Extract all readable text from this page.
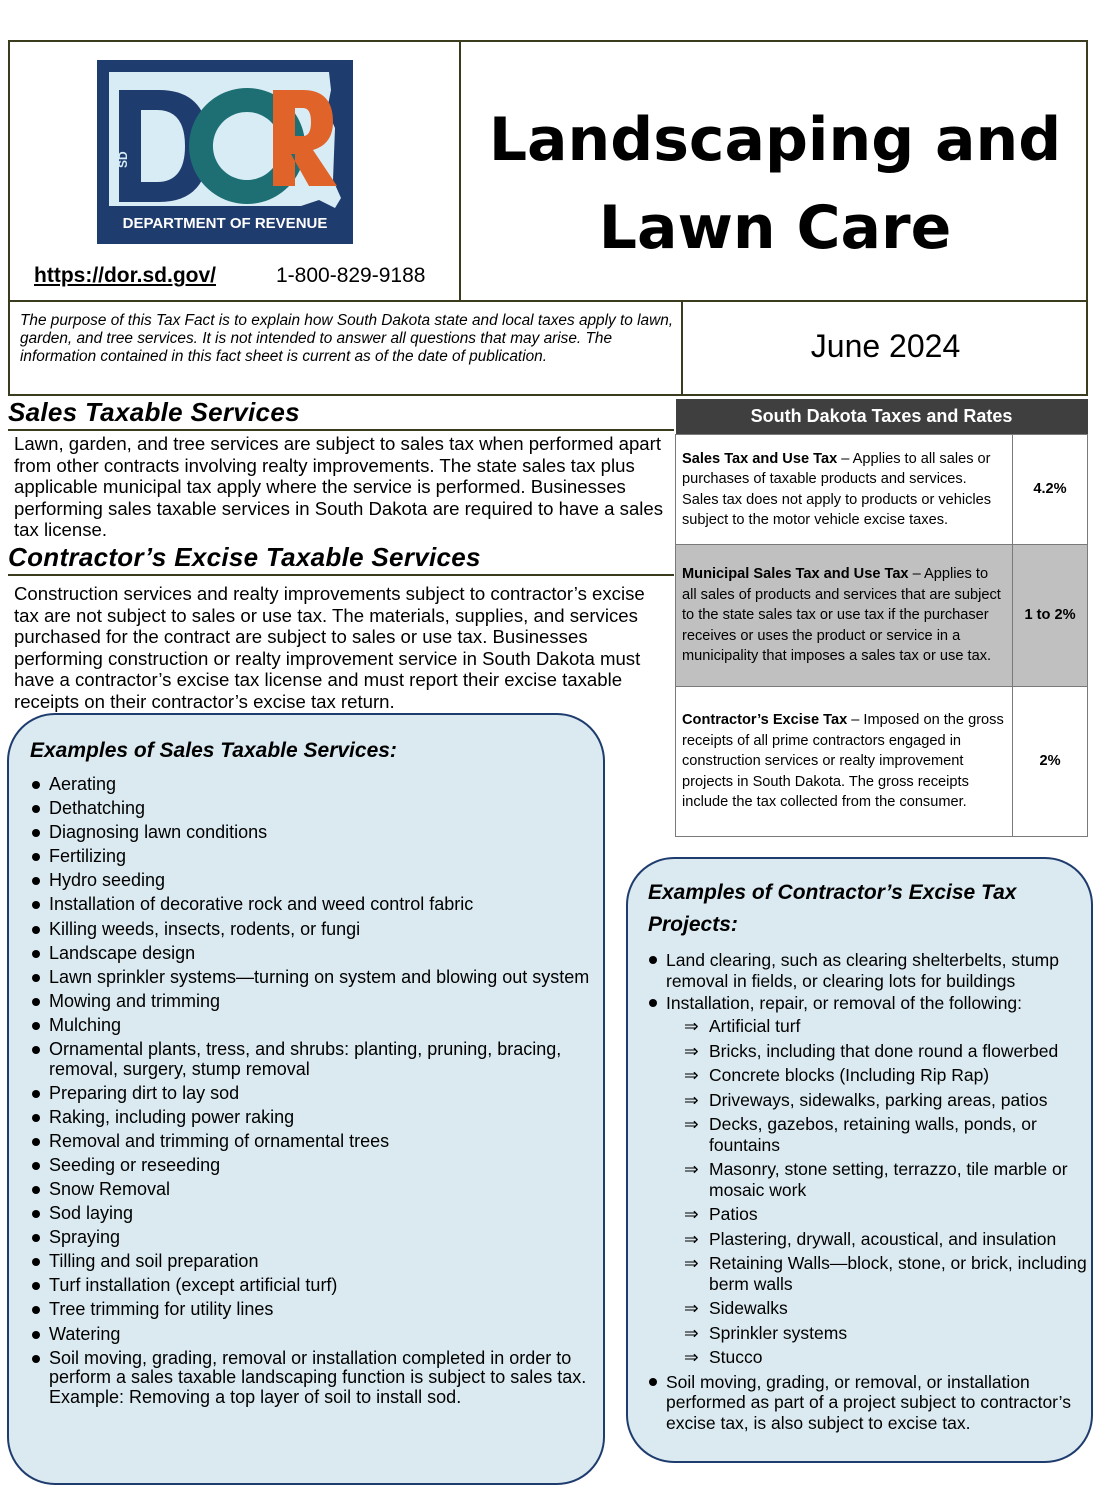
SD
DEPARTMENT OF REVENUE
DOR
https://dor.sd.gov/	1-800-829-9188
Landscaping and
Lawn Care
The purpose of this Tax Fact is to explain how South Dakota state and local taxes apply to lawn, garden, and tree services. It is not intended to answer all questions that may arise. The information contained in this fact sheet is current as of the date of publication.	June 2024
Sales Taxable Services
Lawn, garden, and tree services are subject to sales tax when performed apart from other contracts involving realty improvements. The state sales tax plus applicable municipal tax apply where the service is performed. Businesses performing sales taxable services in South Dakota are required to have a sales tax license.
Contractor’s Excise Taxable Services
Construction services and realty improvements subject to contractor’s excise tax are not subject to sales or use tax. The materials, supplies, and services purchased for the contract are subject to sales or use tax. Businesses performing construction or realty improvement service in South Dakota must have a contractor’s excise tax license and must report their excise taxable receipts on their contractor’s excise tax return.
South Dakota Taxes and Rates	
Sales Tax and Use Tax – Applies to all sales or purchases of taxable products and services. Sales tax does not apply to products or vehicles subject to the motor vehicle excise taxes.	4.2%
Municipal Sales Tax and Use Tax – Applies to all sales of products and services that are subject to the state sales tax or use tax if the purchaser receives or uses the product or service in a municipality that imposes a sales tax or use tax.	1 to 2%
Contractor’s Excise Tax – Imposed on the gross receipts of all prime contractors engaged in construction services or realty improvement projects in South Dakota. The gross receipts include the tax collected from the consumer.	2%
Examples of Sales Taxable Services:
Aerating
Dethatching
Diagnosing lawn conditions
Fertilizing
Hydro seeding
Installation of decorative rock and weed control fabric
Killing weeds, insects, rodents, or fungi
Landscape design
Lawn sprinkler systems—turning on system and blowing out system
Mowing and trimming
Mulching
Ornamental plants, tress, and shrubs: planting, pruning, bracing, removal, surgery, stump removal
Preparing dirt to lay sod
Raking, including power raking
Removal and trimming of ornamental trees
Seeding or reseeding
Snow Removal
Sod laying
Spraying
Tilling and soil preparation
Turf installation (except artificial turf)
Tree trimming for utility lines
Watering
Soil moving, grading, removal or installation completed in order to perform a sales taxable landscaping function is subject to sales tax. Example: Removing a top layer of soil to install sod.
Examples of Contractor’s Excise Tax Projects:
Land clearing, such as clearing shelterbelts, stump removal in fields, or clearing lots for buildings
Installation, repair, or removal of the following:
⇒ Artificial turf
⇒ Bricks, including that done round a flowerbed
⇒ Concrete blocks (Including Rip Rap)
⇒ Driveways, sidewalks, parking areas, patios
⇒ Decks, gazebos, retaining walls, ponds, or fountains
⇒ Masonry, stone setting, terrazzo, tile marble or mosaic work
⇒ Patios
⇒ Plastering, drywall, acoustical, and insulation
⇒ Retaining Walls—block, stone, or brick, including berm walls
⇒ Sidewalks
⇒ Sprinkler systems
⇒ Stucco
Soil moving, grading, or removal, or installation performed as part of a project subject to contractor’s excise tax, is also subject to excise tax.
